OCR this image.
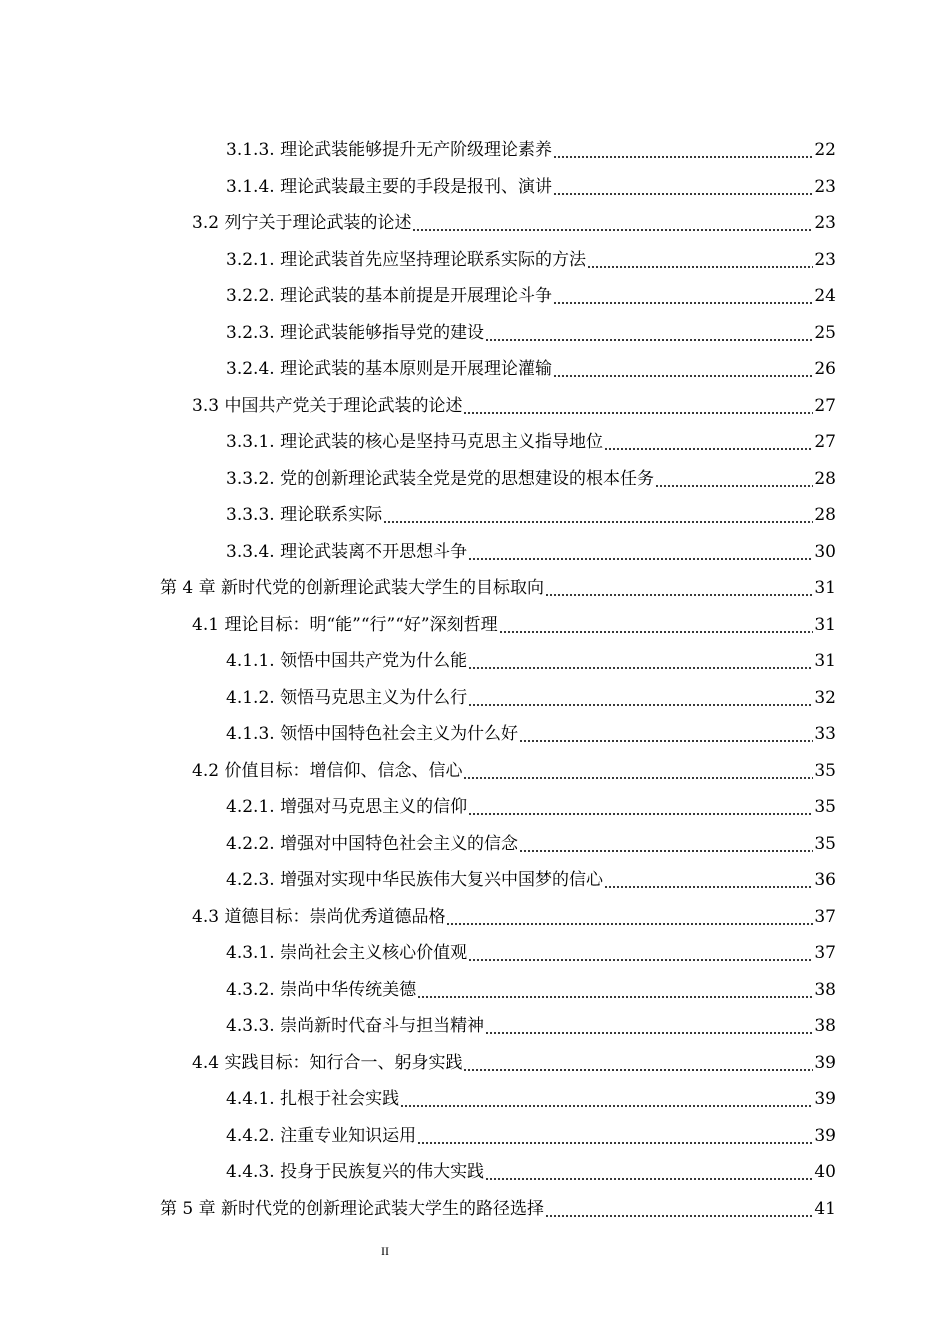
3.1.3. 理论武装能够提升无产阶级理论素养	22
3.1.4. 理论武装最主要的手段是报刊、演讲	23
3.2 列宁关于理论武装的论述	23
3.2.1. 理论武装首先应坚持理论联系实际的方法	23
3.2.2. 理论武装的基本前提是开展理论斗争	24
3.2.3. 理论武装能够指导党的建设	25
3.2.4. 理论武装的基本原则是开展理论灌输	26
3.3 中国共产党关于理论武装的论述	27
3.3.1. 理论武装的核心是坚持马克思主义指导地位	27
3.3.2. 党的创新理论武装全党是党的思想建设的根本任务	28
3.3.3. 理论联系实际	28
3.3.4. 理论武装离不开思想斗争	30
第 4 章 新时代党的创新理论武装大学生的目标取向	31
4.1 理论目标：明“能”“行”“好”深刻哲理	31
4.1.1. 领悟中国共产党为什么能	31
4.1.2. 领悟马克思主义为什么行	32
4.1.3. 领悟中国特色社会主义为什么好	33
4.2 价值目标：增信仰、信念、信心	35
4.2.1. 增强对马克思主义的信仰	35
4.2.2. 增强对中国特色社会主义的信念	35
4.2.3. 增强对实现中华民族伟大复兴中国梦的信心	36
4.3 道德目标：崇尚优秀道德品格	37
4.3.1. 崇尚社会主义核心价值观	37
4.3.2. 崇尚中华传统美德	38
4.3.3. 崇尚新时代奋斗与担当精神	38
4.4 实践目标：知行合一、躬身实践	39
4.4.1. 扎根于社会实践	39
4.4.2. 注重专业知识运用	39
4.4.3. 投身于民族复兴的伟大实践	40
第 5 章 新时代党的创新理论武装大学生的路径选择	41
II
